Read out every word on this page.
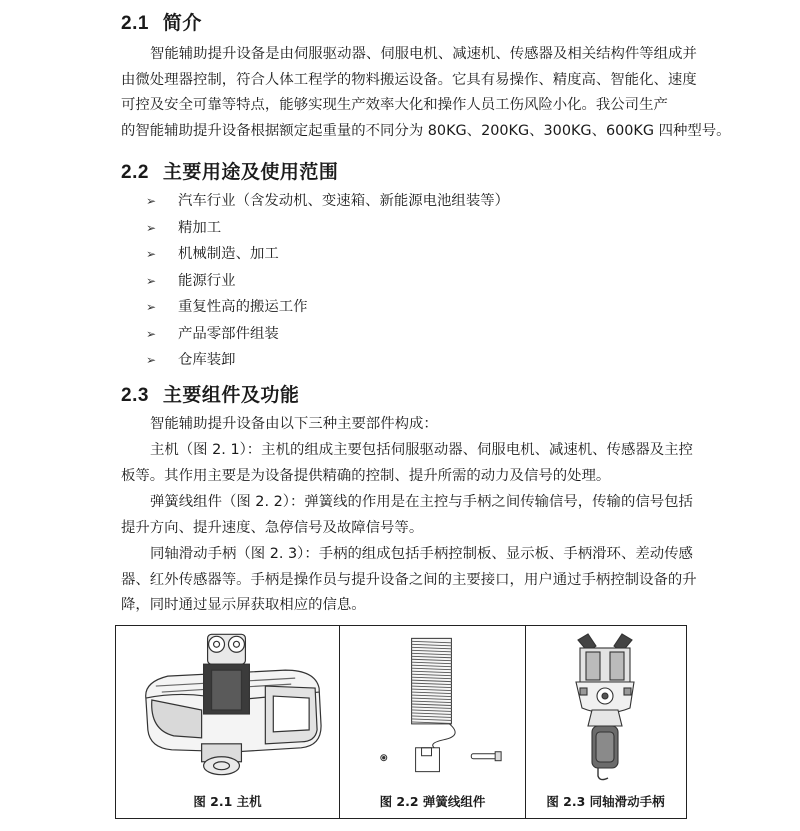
2.1 简介
智能辅助提升设备是由伺服驱动器、伺服电机、减速机、传感器及相关结构件等组成并
由微处理器控制，符合人体工程学的物料搬运设备。它具有易操作、精度高、智能化、速度
可控及安全可靠等特点，能够实现生产效率大化和操作人员工伤风险小化。我公司生产
的智能辅助提升设备根据额定起重量的不同分为 80KG、200KG、300KG、600KG 四种型号。
2.2 主要用途及使用范围
➢ 汽车行业（含发动机、变速箱、新能源电池组装等）
➢ 精加工
➢ 机械制造、加工
➢ 能源行业
➢ 重复性高的搬运工作
➢ 产品零部件组装
➢ 仓库装卸
2.3 主要组件及功能
智能辅助提升设备由以下三种主要部件构成：
主机（图 2. 1）：主机的组成主要包括伺服驱动器、伺服电机、减速机、传感器及主控
板等。其作用主要是为设备提供精确的控制、提升所需的动力及信号的处理。
弹簧线组件（图 2. 2）：弹簧线的作用是在主控与手柄之间传输信号，传输的信号包括
提升方向、提升速度、急停信号及故障信号等。
同轴滑动手柄（图 2. 3）：手柄的组成包括手柄控制板、显示板、手柄滑环、差动传感
器、红外传感器等。手柄是操作员与提升设备之间的主要接口，用户通过手柄控制设备的升
降，同时通过显示屏获取相应的信息。
图 2.1 主机	图 2.2 弹簧线组件	图 2.3 同轴滑动手柄
